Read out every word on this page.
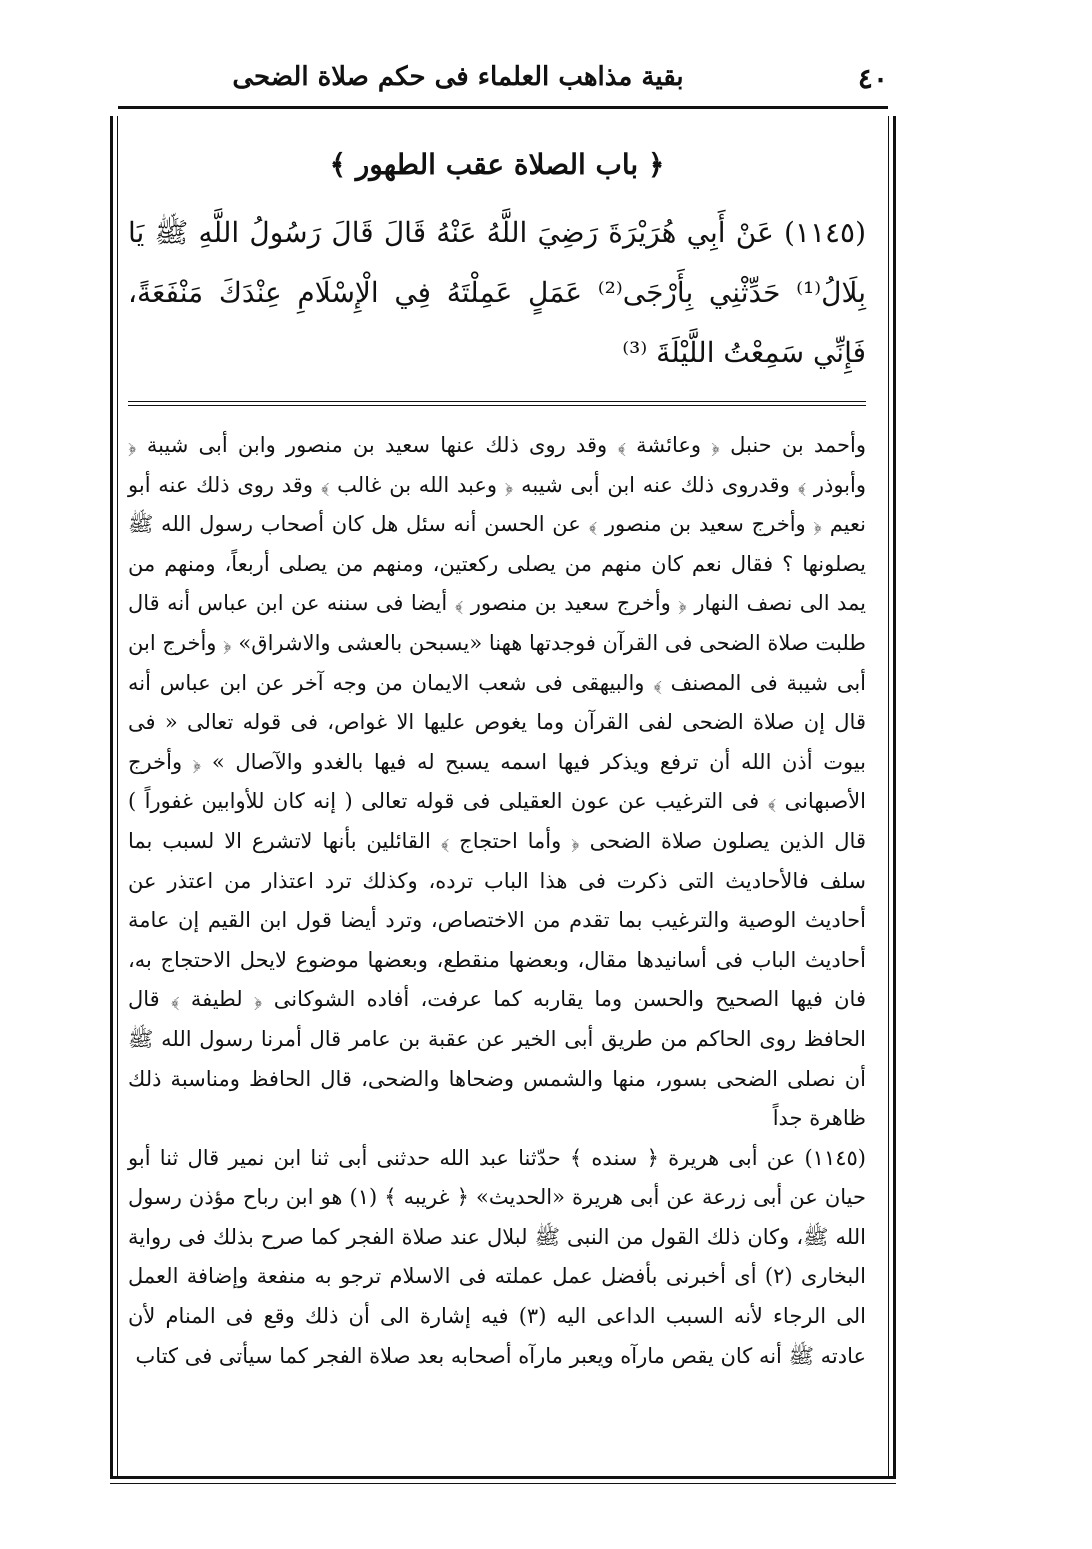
٤٠
بقية مذاهب العلماء فى حكم صلاة الضحى
﴿ باب الصلاة عقب الطهور ﴾
(١١٤٥) عَنْ أَبِي هُرَيْرَةَ رَضِيَ اللَّهُ عَنْهُ قَالَ قَالَ رَسُولُ اللَّهِ ﷺ يَا بِلَالُ⁽¹⁾ حَدِّثْنِي بِأَرْجَى⁽²⁾ عَمَلٍ عَمِلْتَهُ فِي الْإِسْلَامِ عِنْدَكَ مَنْفَعَةً، فَإِنِّي سَمِعْتُ اللَّيْلَةَ ⁽³⁾

وأحمد بن حنبل ﴿ وعائشة ﴾ وقد روى ذلك عنها سعيد بن منصور وابن أبى شيبة ﴿ وأبوذر ﴾ وقدروى ذلك عنه ابن أبى شيبه ﴿ وعبد الله بن غالب ﴾ وقد روى ذلك عنه أبو نعيم ﴿ وأخرج سعيد بن منصور ﴾ عن الحسن أنه سئل هل كان أصحاب رسول الله ﷺ يصلونها ؟ فقال نعم كان منهم من يصلى ركعتين، ومنهم من يصلى أربعاً، ومنهم من يمد الى نصف النهار ﴿ وأخرج سعيد بن منصور ﴾ أيضا فى سننه عن ابن عباس أنه قال طلبت صلاة الضحى فى القرآن فوجدتها ههنا «يسبحن بالعشى والاشراق» ﴿ وأخرج ابن أبى شيبة فى المصنف ﴾ والبيهقى فى شعب الايمان من وجه آخر عن ابن عباس أنه قال إن صلاة الضحى لفى القرآن وما يغوص عليها الا غواص، فى قوله تعالى « فى بيوت أذن الله أن ترفع ويذكر فيها اسمه يسبح له فيها بالغدو والآصال » ﴿ وأخرج الأصبهانى ﴾ فى الترغيب عن عون العقيلى فى قوله تعالى ( إنه كان للأوابين غفوراً ) قال الذين يصلون صلاة الضحى ﴿ وأما احتجاج ﴾ القائلين بأنها لاتشرع الا لسبب بما سلف فالأحاديث التى ذكرت فى هذا الباب ترده، وكذلك ترد اعتذار من اعتذر عن أحاديث الوصية والترغيب بما تقدم من الاختصاص، وترد أيضا قول ابن القيم إن عامة أحاديث الباب فى أسانيدها مقال، وبعضها منقطع، وبعضها موضوع لايحل الاحتجاج به، فان فيها الصحيح والحسن وما يقاربه كما عرفت، أفاده الشوكانى ﴿ لطيفة ﴾ قال الحافظ روى الحاكم من طريق أبى الخير عن عقبة بن عامر قال أمرنا رسول الله ﷺ أن نصلى الضحى بسور، منها والشمس وضحاها والضحى، قال الحافظ ومناسبة ذلك ظاهرة جداً

(١١٤٥) عن أبى هريرة ﴿ سنده ﴾ حدّثنا عبد الله حدثنى أبى ثنا ابن نمير قال ثنا أبو حيان عن أبى زرعة عن أبى هريرة «الحديث» ﴿ غريبه ﴾ (١) هو ابن رباح مؤذن رسول الله ﷺ، وكان ذلك القول من النبى ﷺ لبلال عند صلاة الفجر كما صرح بذلك فى رواية البخارى (٢) أى أخبرنى بأفضل عمل عملته فى الاسلام ترجو به منفعة وإضافة العمل الى الرجاء لأنه السبب الداعى اليه (٣) فيه إشارة الى أن ذلك وقع فى المنام لأن عادته ﷺ أنه كان يقص مارآه ويعبر مارآه أصحابه بعد صلاة الفجر كما سيأتى فى كتاب
